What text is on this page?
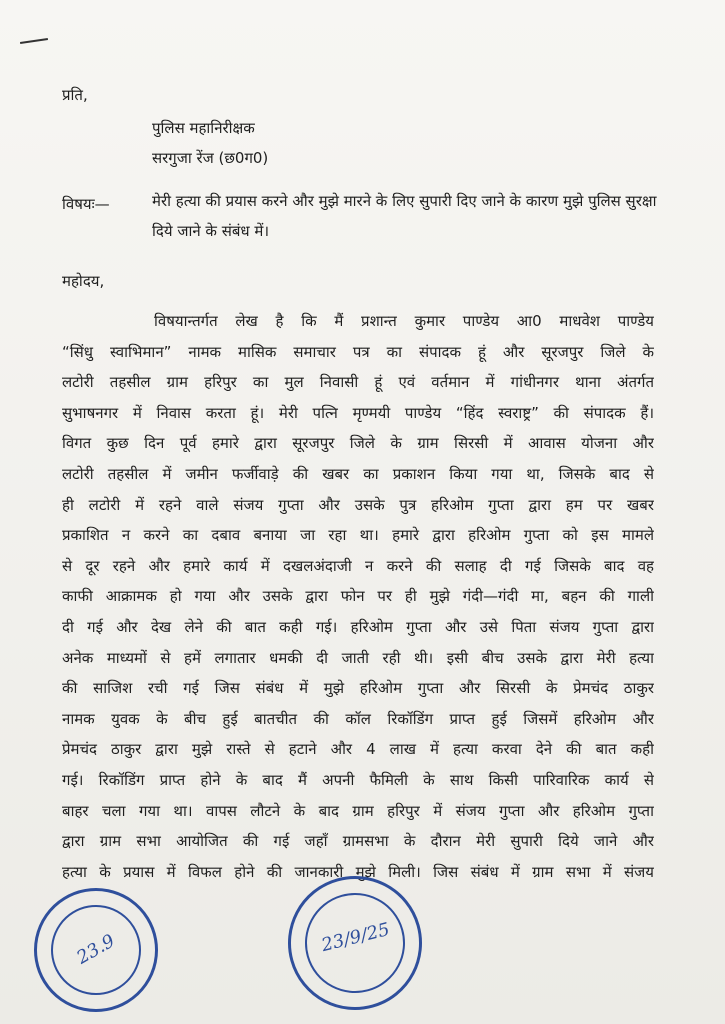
प्रति,
पुलिस महानिरीक्षक
सरगुजा रेंज (छ0ग0)
विषयः—	मेरी हत्या की प्रयास करने और मुझे मारने के लिए सुपारी दिए जाने के कारण मुझे पुलिस सुरक्षा दिये जाने के संबंध में।
महोदय,
विषयान्तर्गत लेख है कि मैं प्रशान्त कुमार पाण्डेय आ0 माधवेश पाण्डेय
“सिंधु स्वाभिमान” नामक मासिक समाचार पत्र का संपादक हूं और सूरजपुर जिले के
लटोरी तहसील ग्राम हरिपुर का मुल निवासी हूं एवं वर्तमान में गांधीनगर थाना अंतर्गत
सुभाषनगर में निवास करता हूं। मेरी पत्नि मृण्मयी पाण्डेय “हिंद स्वराष्ट्र” की संपादक हैं।
विगत कुछ दिन पूर्व हमारे द्वारा सूरजपुर जिले के ग्राम सिरसी में आवास योजना और
लटोरी तहसील में जमीन फर्जीवाड़े की खबर का प्रकाशन किया गया था, जिसके बाद से
ही लटोरी में रहने वाले संजय गुप्ता और उसके पुत्र हरिओम गुप्ता द्वारा हम पर खबर
प्रकाशित न करने का दबाव बनाया जा रहा था। हमारे द्वारा हरिओम गुप्ता को इस मामले
से दूर रहने और हमारे कार्य में दखलअंदाजी न करने की सलाह दी गई जिसके बाद वह
काफी आक्रामक हो गया और उसके द्वारा फोन पर ही मुझे गंदी—गंदी मा, बहन की गाली
दी गई और देख लेने की बात कही गई। हरिओम गुप्ता और उसे पिता संजय गुप्ता द्वारा
अनेक माध्यमों से हमें लगातार धमकी दी जाती रही थी। इसी बीच उसके द्वारा मेरी हत्या
की साजिश रची गई जिस संबंध में मुझे हरिओम गुप्ता और सिरसी के प्रेमचंद ठाकुर
नामक युवक के बीच हुई बातचीत की कॉल रिकॉडिंग प्राप्त हुई जिसमें हरिओम और
प्रेमचंद ठाकुर द्वारा मुझे रास्ते से हटाने और 4 लाख में हत्या करवा देने की बात कही
गई। रिकॉडिंग प्राप्त होने के बाद मैं अपनी फैमिली के साथ किसी पारिवारिक कार्य से
बाहर चला गया था। वापस लौटने के बाद ग्राम हरिपुर में संजय गुप्ता और हरिओम गुप्ता
द्वारा ग्राम सभा आयोजित की गई जहाँ ग्रामसभा के दौरान मेरी सुपारी दिये जाने और
हत्या के प्रयास में विफल होने की जानकारी मुझे मिली। जिस संबंध में ग्राम सभा में संजय
23.9	23/9/25
